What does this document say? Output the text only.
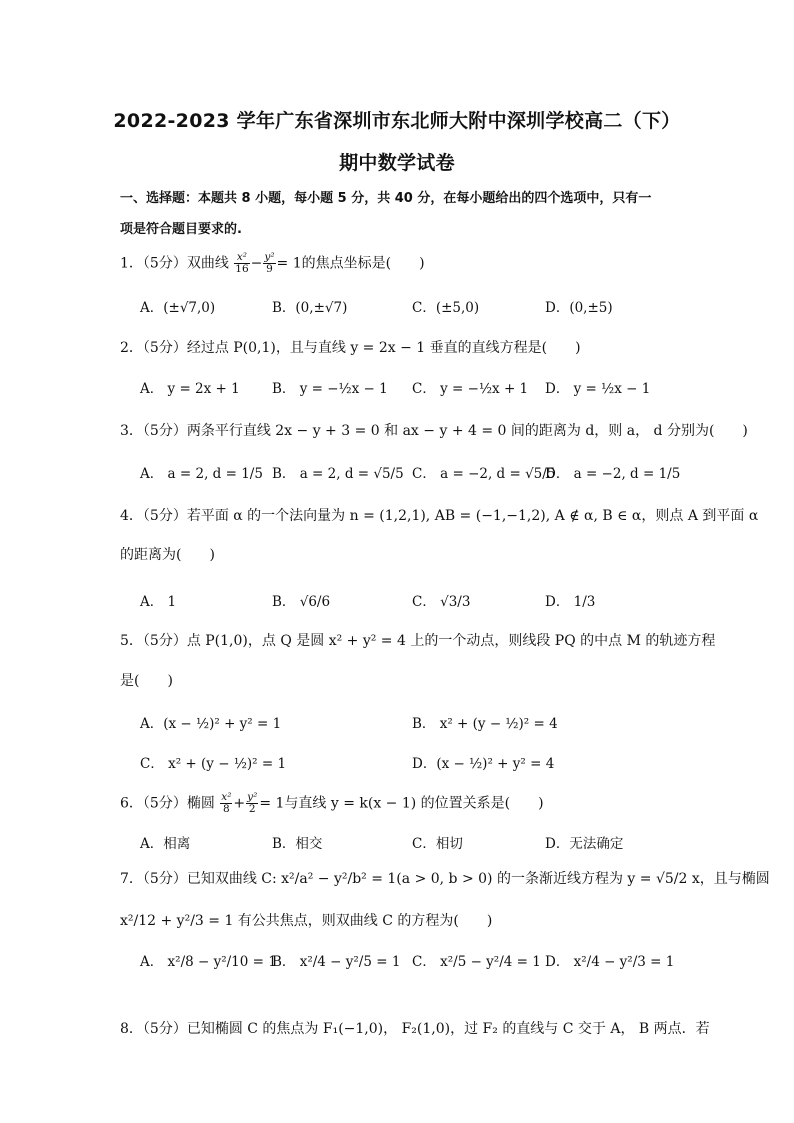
2022-2023 学年广东省深圳市东北师大附中深圳学校高二（下）
期中数学试卷
一、选择题：本题共 8 小题，每小题 5 分，共 40 分，在每小题给出的四个选项中，只有一
项是符合题目要求的.
1．（5分）双曲线 $\frac{\text{x²}}{16} - \frac{\text{y²}}{9} = 1$的焦点坐标是(　　)
A．(±√7,0)	B．(0,±√7)	C．(±5,0)	D．(0,±5)
2．（5分）经过点 P(0,1)，且与直线 y = 2x − 1 垂直的直线方程是(　　)
A． y = 2x + 1 B． y = −½x − 1 C． y = −½x + 1 D． y = ½x − 1
3．（5分）两条平行直线 2x − y + 3 = 0 和 ax − y + 4 = 0 间的距离为 d，则 a， d 分别为(　　)
A． a = 2, d = 1/5 B． a = 2, d = √5/5 C． a = −2, d = √5/5
D． a = −2, d = 1/5
4．（5分）若平面 α 的一个法向量为 n = (1,2,1), AB = (−1,−1,2), A ∉ α, B ∈ α，则点 A 到平面 α
的距离为(　　)
A． 1	B． √6/6	C． √3/3	D． 1/3
5．（5分）点 P(1,0)，点 Q 是圆 x² + y² = 4 上的一个动点，则线段 PQ 的中点 M 的轨迹方程
是(　　)
A．(x − ½)² + y² = 1	B． x² + (y − ½)² = 4
C． x² + (y − ½)² = 1	D．(x − ½)² + y² = 4
6．（5分）椭圆 $\frac{\text{x²}}{8} + \frac{\text{y²}}{2} = 1$与直线 y = k(x − 1) 的位置关系是(　　)
A．相离	B．相交	C．相切	D．无法确定
7．（5分）已知双曲线 C: x²/a² − y²/b² = 1(a > 0, b > 0) 的一条渐近线方程为 y = √5/2 x，且与椭圆
x²/12 + y²/3 = 1 有公共焦点，则双曲线 C 的方程为(　　)
A． x²/8 − y²/10 = 1
B． x²/4 − y²/5 = 1 C． x²/5 − y²/4 = 1 D． x²/4 − y²/3 = 1
8．（5分）已知椭圆 C 的焦点为 F₁(−1,0)， F₂(1,0)，过 F₂ 的直线与 C 交于 A， B 两点．若
